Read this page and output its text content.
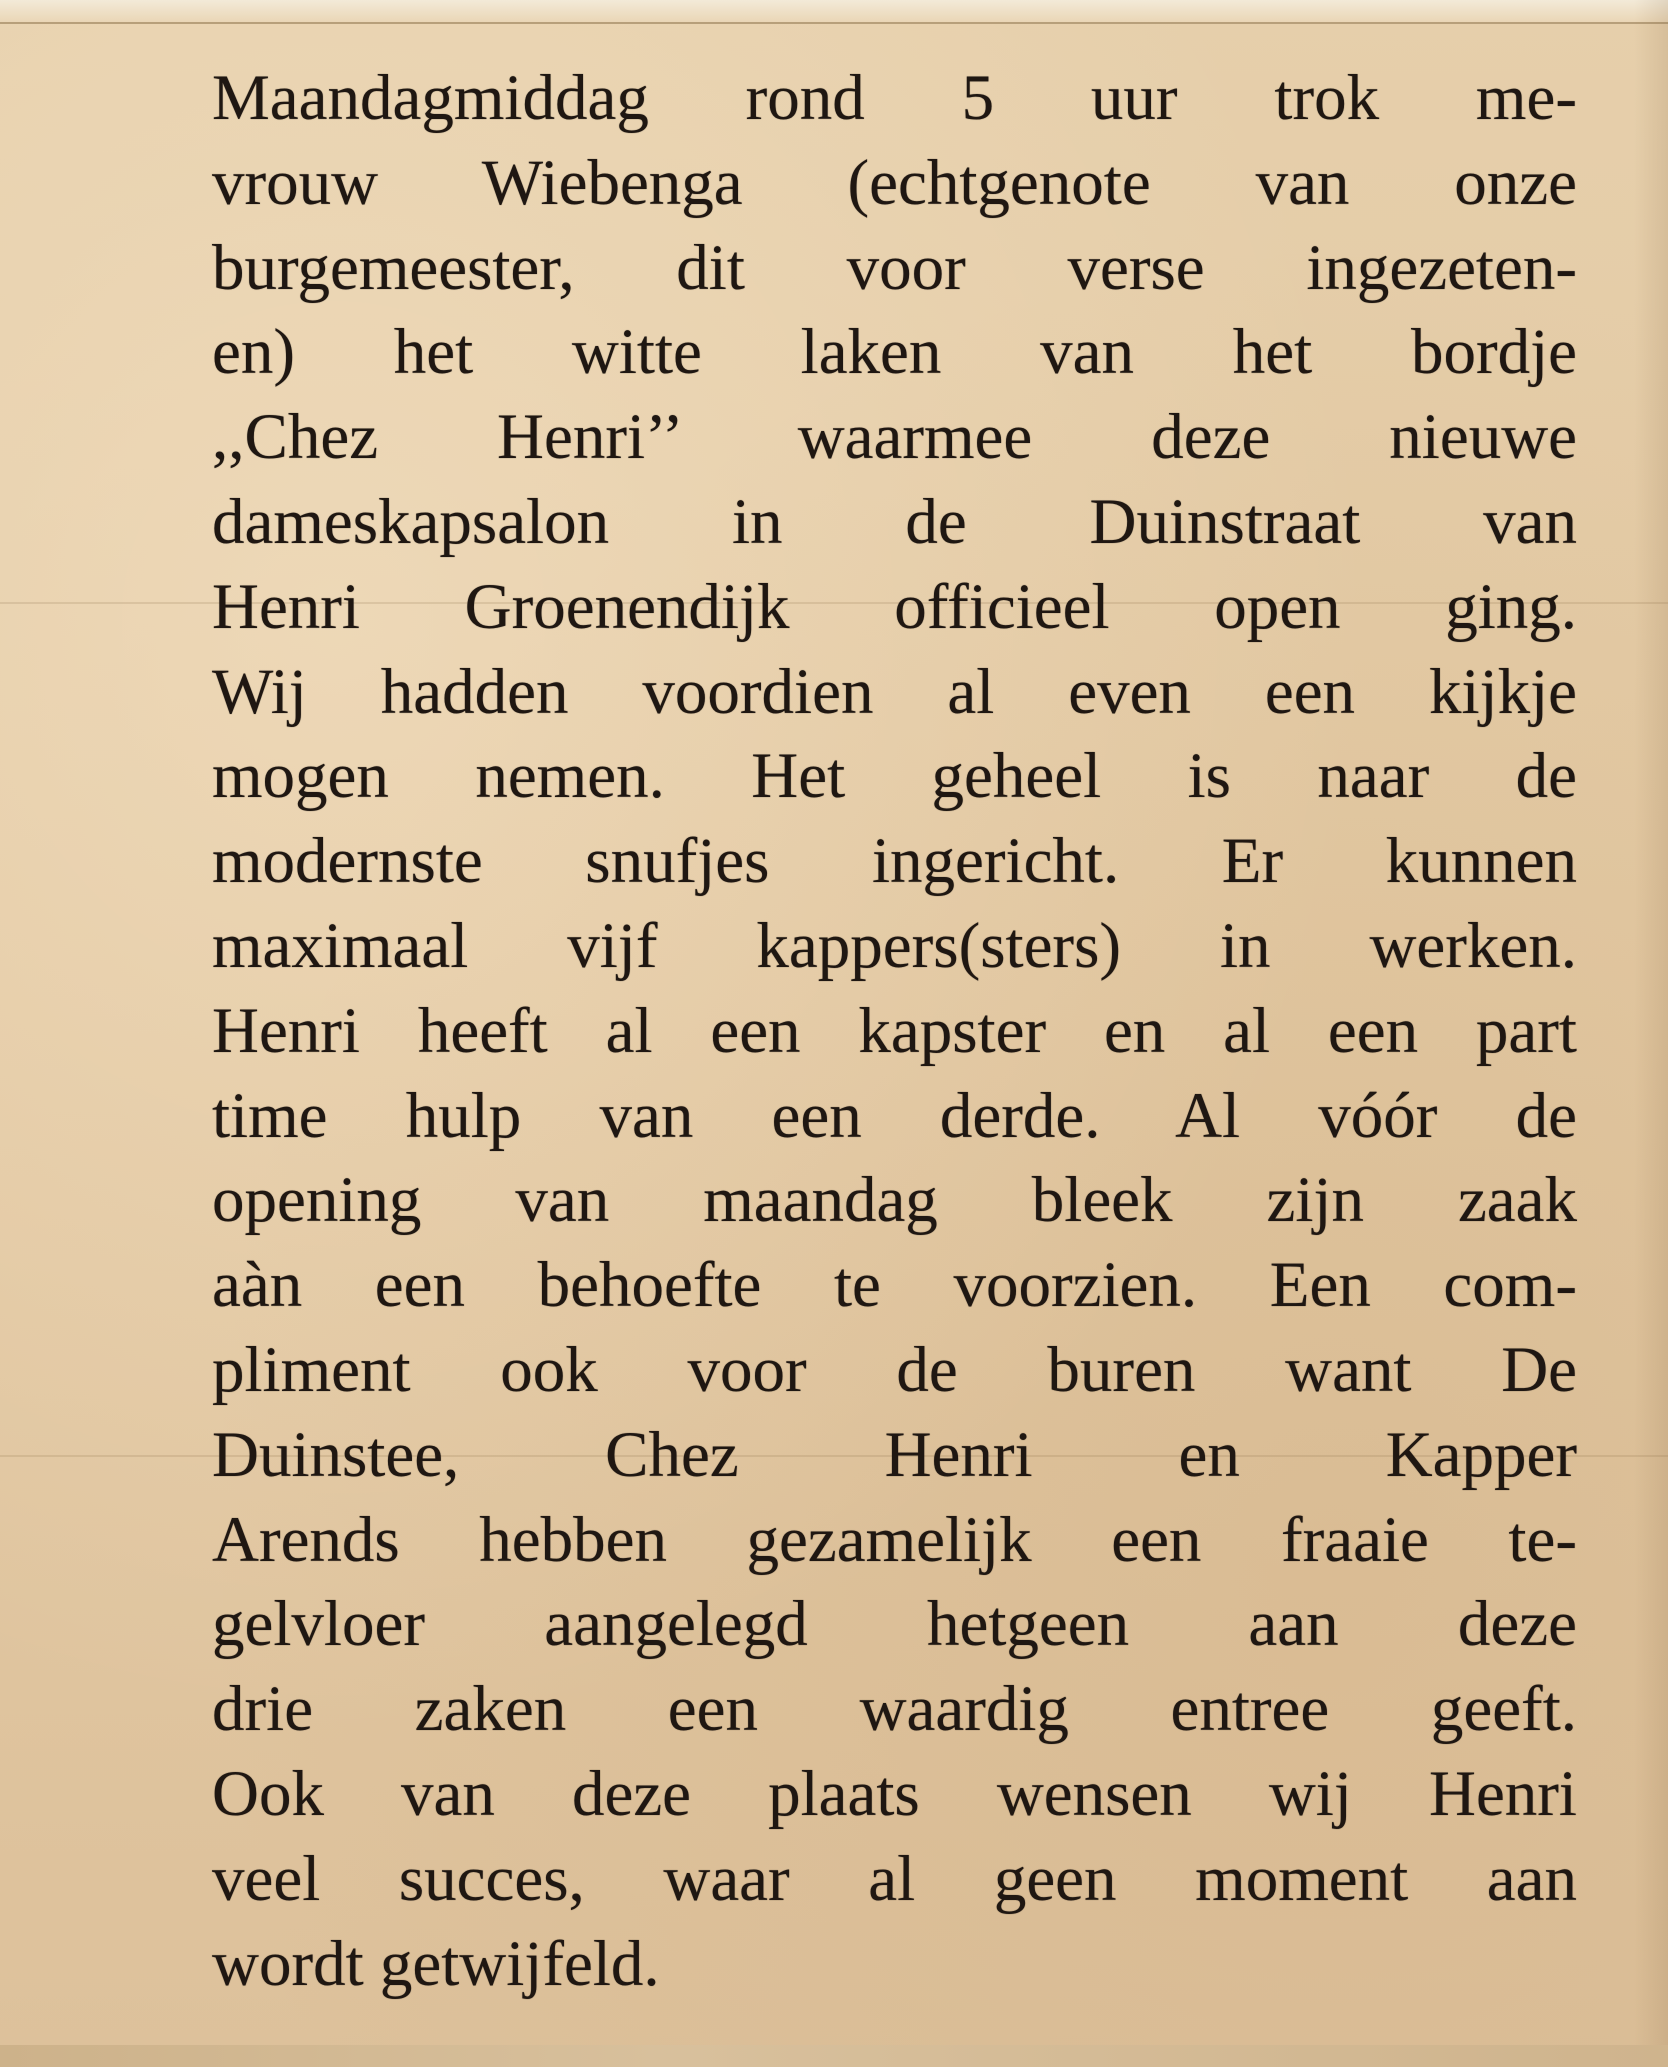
Maandagmiddag rond 5 uur trok me-
vrouw Wiebenga (echtgenote van onze
burgemeester, dit voor verse ingezeten-
en) het witte laken van het bordje
,,Chez Henri’’ waarmee deze nieuwe
dameskapsalon in de Duinstraat van
Henri Groenendijk officieel open ging.
Wij hadden voordien al even een kijkje
mogen nemen. Het geheel is naar de
modernste snufjes ingericht. Er kunnen
maximaal vijf kappers(sters) in werken.
Henri heeft al een kapster en al een part
time hulp van een derde. Al vóór de
opening van maandag bleek zijn zaak
aàn een behoefte te voorzien. Een com-
pliment ook voor de buren want De
Duinstee, Chez Henri en Kapper
Arends hebben gezamelijk een fraaie te-
gelvloer aangelegd hetgeen aan deze
drie zaken een waardig entree geeft.
Ook van deze plaats wensen wij Henri
veel succes, waar al geen moment aan
wordt getwijfeld.
